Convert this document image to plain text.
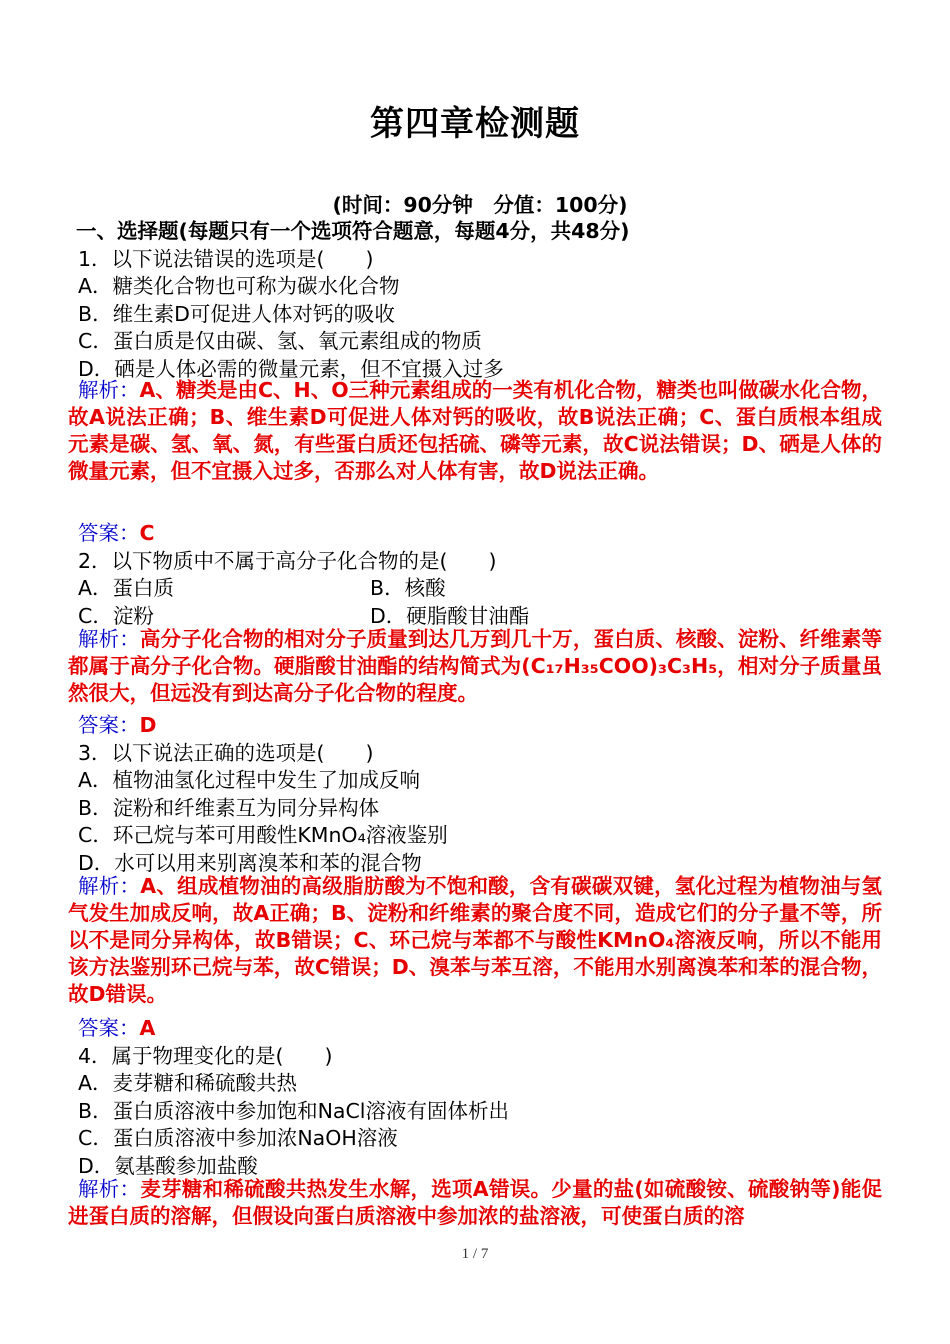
第四章检测题
(时间：90分钟　分值：100分)
一、选择题(每题只有一个选项符合题意，每题4分，共48分)
1．以下说法错误的选项是(　　)
A．糖类化合物也可称为碳水化合物
B．维生素D可促进人体对钙的吸收
C．蛋白质是仅由碳、氢、氧元素组成的物质
D．硒是人体必需的微量元素，但不宜摄入过多
解析：A、糖类是由C、H、O三种元素组成的一类有机化合物，糖类也叫做碳水化合物，故A说法正确；B、维生素D可促进人体对钙的吸收，故B说法正确；C、蛋白质根本组成元素是碳、氢、氧、氮，有些蛋白质还包括硫、磷等元素，故C说法错误；D、硒是人体的微量元素，但不宜摄入过多，否那么对人体有害，故D说法正确。
答案：C
2．以下物质中不属于高分子化合物的是(　　)
A．蛋白质	B．核酸
C．淀粉	D．硬脂酸甘油酯
解析：高分子化合物的相对分子质量到达几万到几十万，蛋白质、核酸、淀粉、纤维素等都属于高分子化合物。硬脂酸甘油酯的结构简式为(C₁₇H₃₅COO)₃C₃H₅，相对分子质量虽然很大，但远没有到达高分子化合物的程度。
答案：D
3．以下说法正确的选项是(　　)
A．植物油氢化过程中发生了加成反响
B．淀粉和纤维素互为同分异构体
C．环己烷与苯可用酸性KMnO₄溶液鉴别
D．水可以用来别离溴苯和苯的混合物
解析：A、组成植物油的高级脂肪酸为不饱和酸，含有碳碳双键，氢化过程为植物油与氢气发生加成反响，故A正确；B、淀粉和纤维素的聚合度不同，造成它们的分子量不等，所以不是同分异构体，故B错误；C、环己烷与苯都不与酸性KMnO₄溶液反响，所以不能用该方法鉴别环己烷与苯，故C错误；D、溴苯与苯互溶，不能用水别离溴苯和苯的混合物，故D错误。
答案：A
4．属于物理变化的是(　　)
A．麦芽糖和稀硫酸共热
B．蛋白质溶液中参加饱和NaCl溶液有固体析出
C．蛋白质溶液中参加浓NaOH溶液
D．氨基酸参加盐酸
解析：麦芽糖和稀硫酸共热发生水解，选项A错误。少量的盐(如硫酸铵、硫酸钠等)能促进蛋白质的溶解，但假设向蛋白质溶液中参加浓的盐溶液，可使蛋白质的溶
1 / 7
